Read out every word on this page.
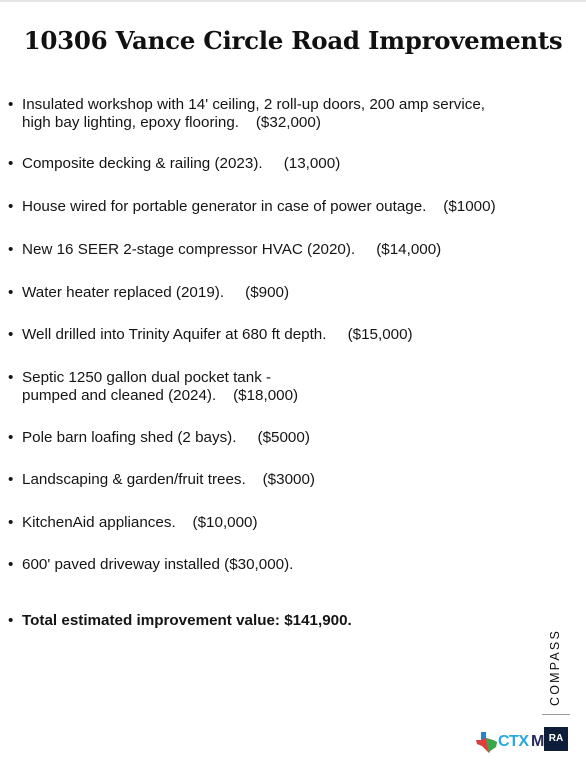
10306 Vance Circle Road Improvements
• Insulated workshop with 14' ceiling, 2 roll-up doors, 200 amp service,
high bay lighting, epoxy flooring.    ($32,000)
• Composite decking & railing (2023).     (13,000)
• House wired for portable generator in case of power outage.    ($1000)
• New 16 SEER 2-stage compressor HVAC (2020).     ($14,000)
• Water heater replaced (2019).     ($900)
• Well drilled into Trinity Aquifer at 680 ft depth.     ($15,000)
• Septic 1250 gallon dual pocket tank -
pumped and cleaned (2024).    ($18,000)
• Pole barn loafing shed (2 bays).     ($5000)
• Landscaping & garden/fruit trees.    ($3000)
• KitchenAid appliances.    ($10,000)
• 600' paved driveway installed ($30,000).
• Total estimated improvement value: $141,900.
COMPASS
CTX M RA
